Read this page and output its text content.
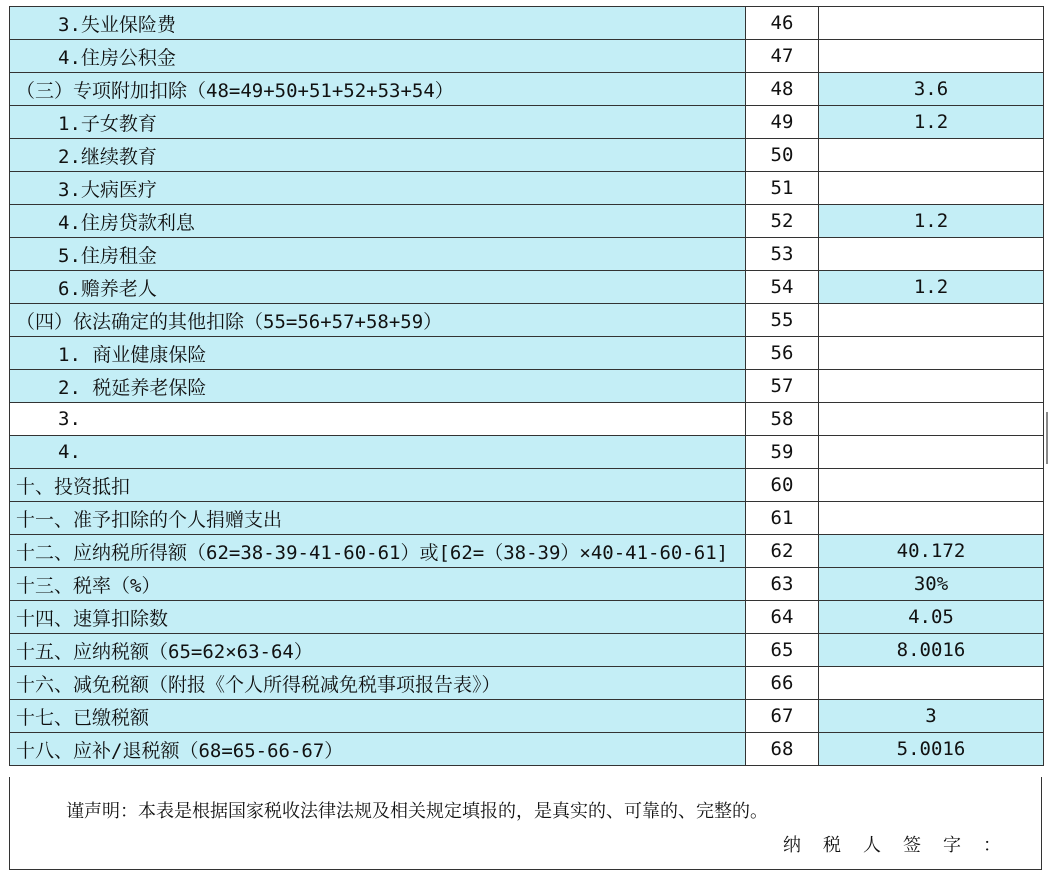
3.失业保险费	46	
4.住房公积金	47	
（三）专项附加扣除（48=49+50+51+52+53+54）	48	3.6
1.子女教育	49	1.2
2.继续教育	50	
3.大病医疗	51	
4.住房贷款利息	52	1.2
5.住房租金	53	
6.赡养老人	54	1.2
（四）依法确定的其他扣除（55=56+57+58+59）	55	
1. 商业健康保险	56	
2. 税延养老保险	57	
3.	58	
4.	59	
十、投资抵扣	60	
十一、准予扣除的个人捐赠支出	61	
十二、应纳税所得额（62=38-39-41-60-61）或[62=（38-39）×40-41-60-61]	62	40.172
十三、税率（%）	63	30%
十四、速算扣除数	64	4.05
十五、应纳税额（65=62×63-64）	65	8.0016
十六、减免税额（附报《个人所得税减免税事项报告表》）	66	
十七、已缴税额	67	3
十八、应补/退税额（68=65-66-67）	68	5.0016
谨声明：本表是根据国家税收法律法规及相关规定填报的，是真实的、可靠的、完整的。
纳税人签字：
